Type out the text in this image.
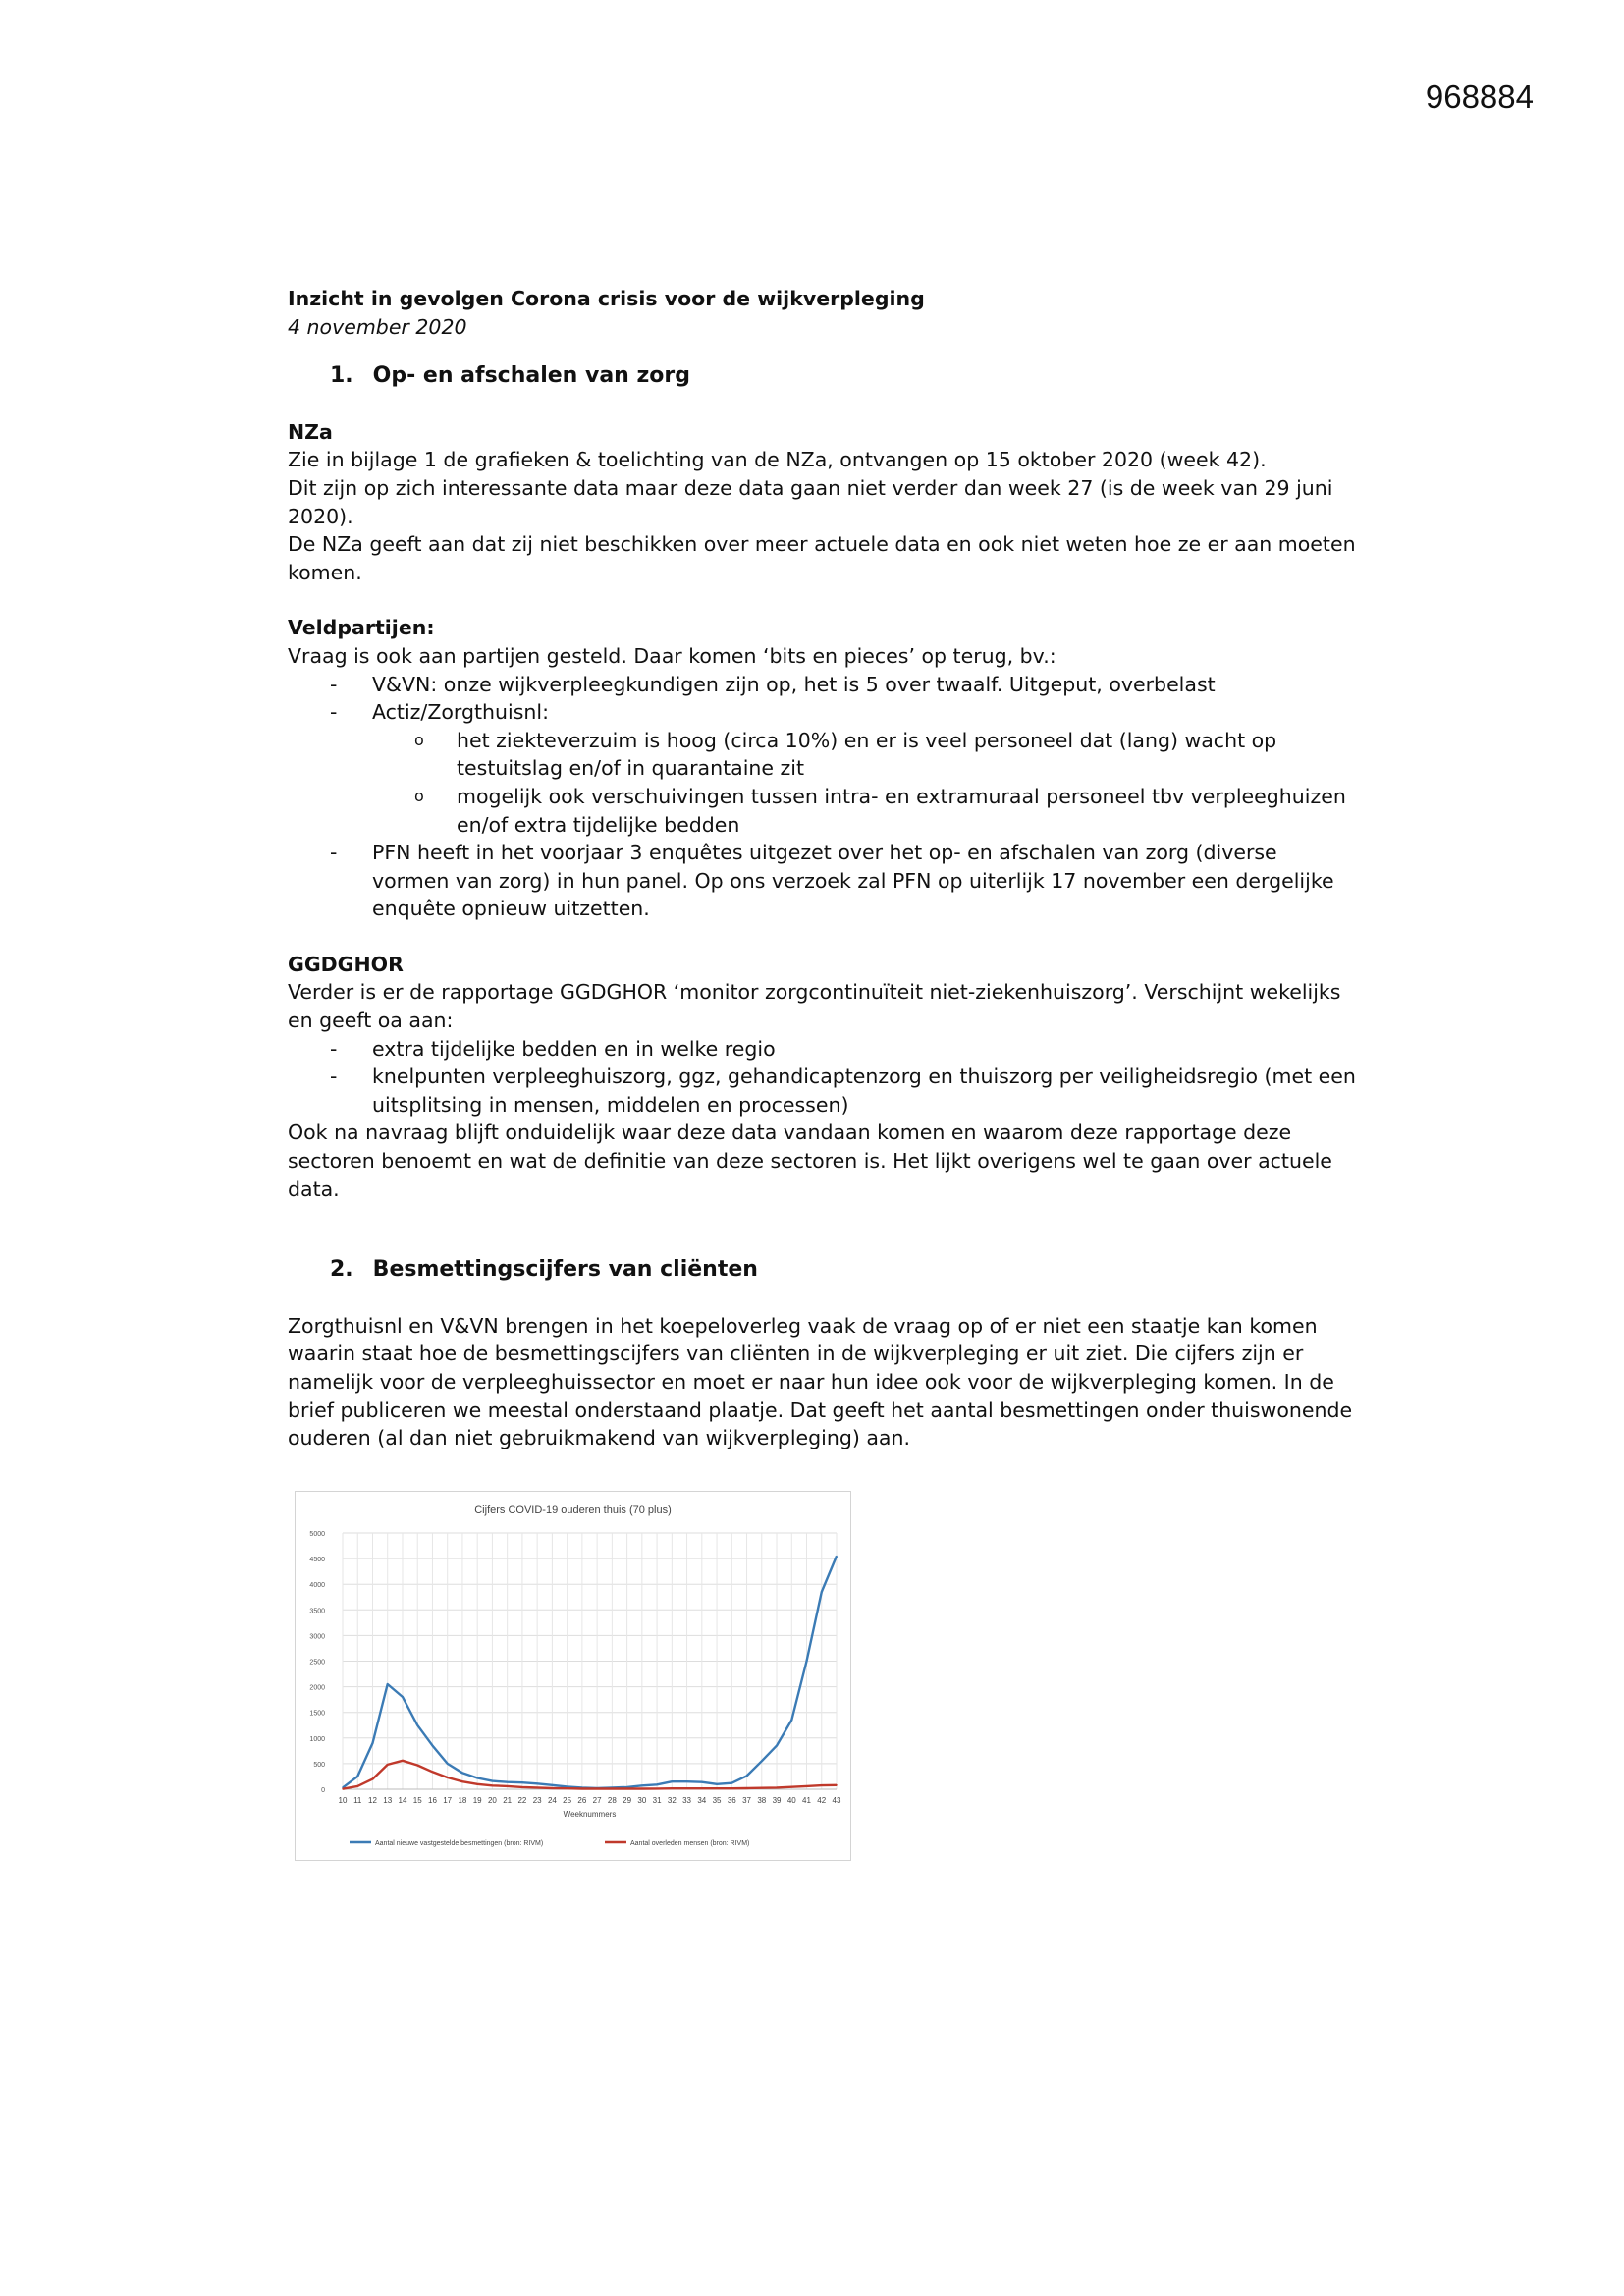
968884

Inzicht in gevolgen Corona crisis voor de wijkverpleging

4 november 2020

1. Op- en afschalen van zorg

NZa

Zie in bijlage 1 de grafieken & toelichting van de NZa, ontvangen op 15 oktober 2020 (week 42).

Dit zijn op zich interessante data maar deze data gaan niet verder dan week 27 (is de week van 29 juni 2020).

De NZa geeft aan dat zij niet beschikken over meer actuele data en ook niet weten hoe ze er aan moeten komen.

Veldpartijen:

Vraag is ook aan partijen gesteld. Daar komen ‘bits en pieces’ op terug, bv.:

- V&VN: onze wijkverpleegkundigen zijn op, het is 5 over twaalf. Uitgeput, overbelast
- Actiz/Zorgthuisnl:
o het ziekteverzuim is hoog (circa 10%) en er is veel personeel dat (lang) wacht op testuitslag en/of in quarantaine zit
o mogelijk ook verschuivingen tussen intra- en extramuraal personeel tbv verpleeghuizen en/of extra tijdelijke bedden
- PFN heeft in het voorjaar 3 enquêtes uitgezet over het op- en afschalen van zorg (diverse vormen van zorg) in hun panel. Op ons verzoek zal PFN op uiterlijk 17 november een dergelijke enquête opnieuw uitzetten.

GGDGHOR

Verder is er de rapportage GGDGHOR ‘monitor zorgcontinuïteit niet-ziekenhuiszorg’. Verschijnt wekelijks en geeft oa aan:

- extra tijdelijke bedden en in welke regio
- knelpunten verpleeghuiszorg, ggz, gehandicaptenzorg en thuiszorg per veiligheidsregio (met een uitsplitsing in mensen, middelen en processen)

Ook na navraag blijft onduidelijk waar deze data vandaan komen en waarom deze rapportage deze sectoren benoemt en wat de definitie van deze sectoren is. Het lijkt overigens wel te gaan over actuele data.

2. Besmettingscijfers van cliënten

Zorgthuisnl en V&VN brengen in het koepeloverleg vaak de vraag op of er niet een staatje kan komen waarin staat hoe de besmettingscijfers van cliënten in de wijkverpleging er uit ziet. Die cijfers zijn er namelijk voor de verpleeghuissector en moet er naar hun idee ook voor de wijkverpleging komen. In de brief publiceren we meestal onderstaand plaatje. Dat geeft het aantal besmettingen onder thuiswonende ouderen (al dan niet gebruikmakend van wijkverpleging) aan.

Cijfers COVID-19 ouderen thuis (70 plus)
0
500
1000
1500
2000
2500
3000
3500
4000
4500
5000
10 11 12 13 14 15 16 17 18 19 20 21 22 23 24 25 26 27 28 29 30 31 32 33 34 35 36 37 38 39 40 41 42 43
Weeknummers
Aantal nieuwe vastgestelde besmettingen (bron: RIVM)	Aantal overleden mensen (bron: RIVM)
